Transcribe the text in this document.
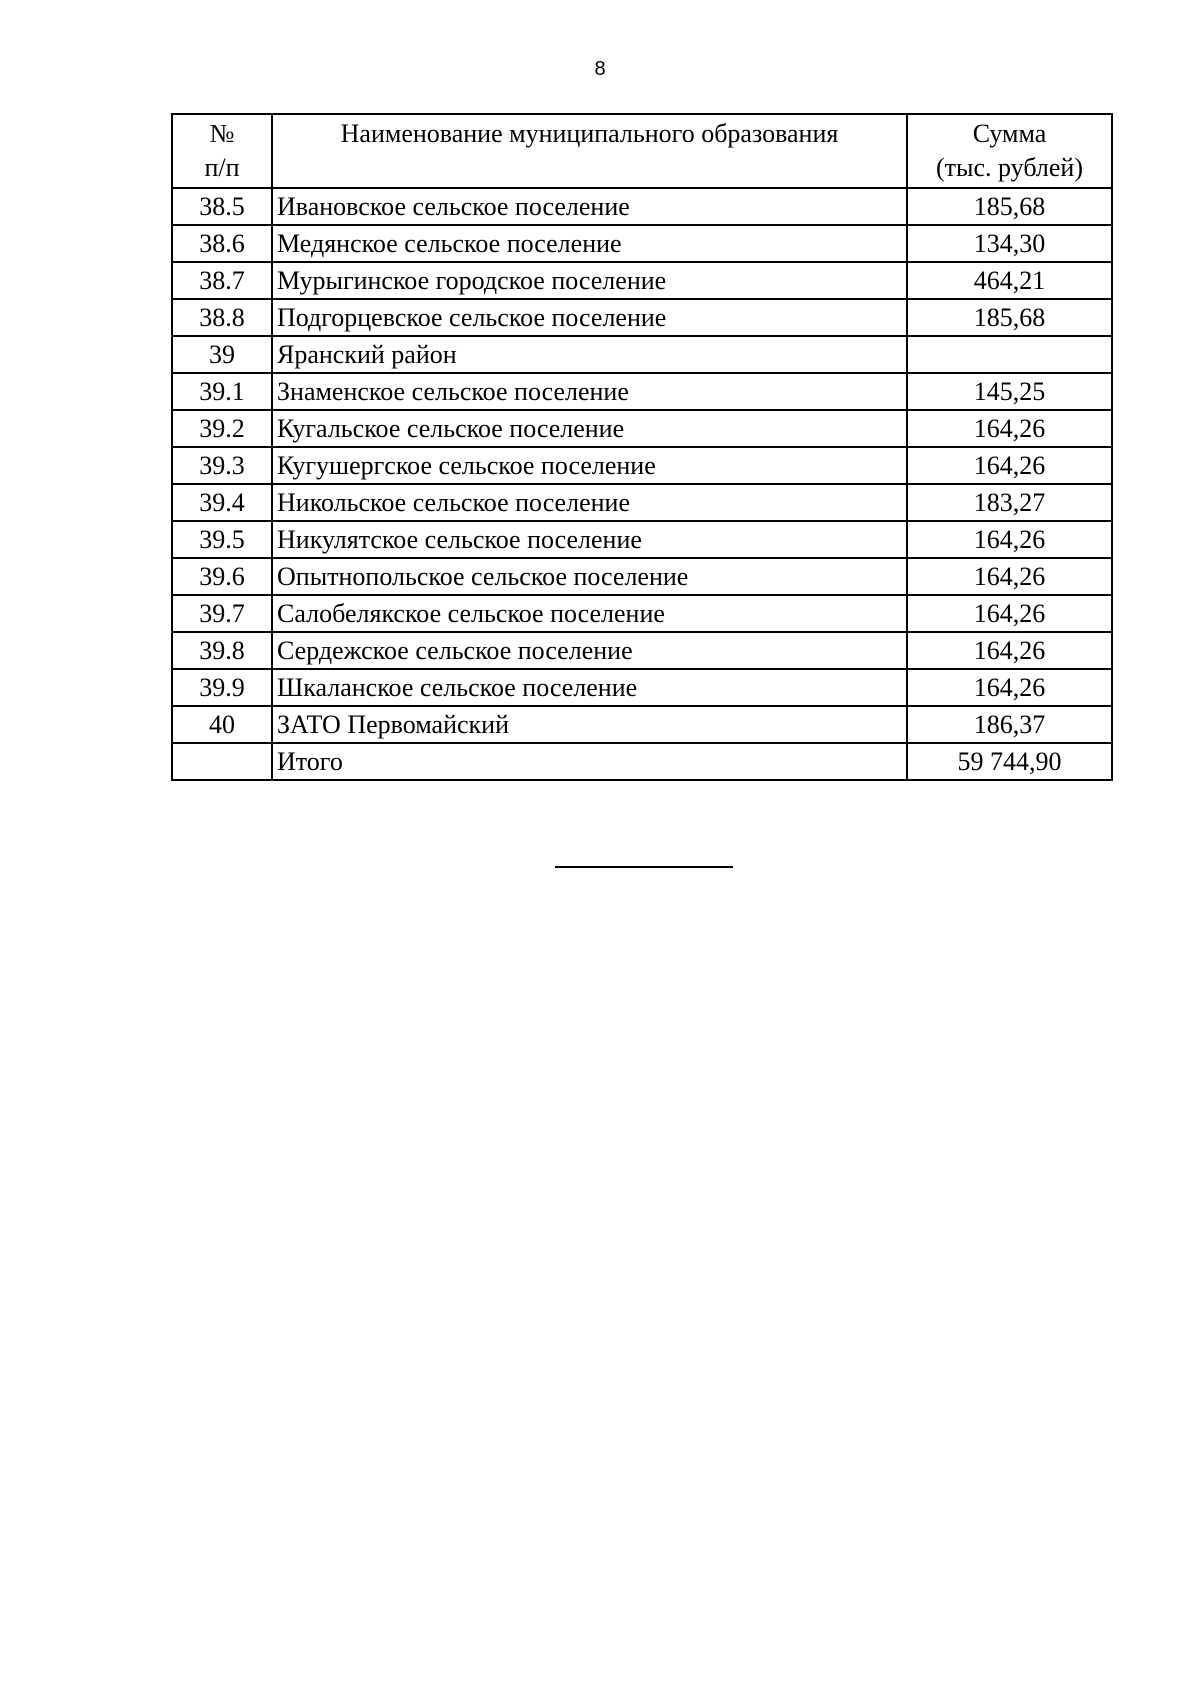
8
№
п/п	Наименование муниципального образования	Сумма
(тыс. рублей)

38.5	Ивановское сельское поселение	185,68
38.6	Медянское сельское поселение	134,30
38.7	Мурыгинское городское поселение	464,21
38.8	Подгорцевское сельское поселение	185,68
39	Яранский район	
39.1	Знаменское сельское поселение	145,25
39.2	Кугальское сельское поселение	164,26
39.3	Кугушергское сельское поселение	164,26
39.4	Никольское сельское поселение	183,27
39.5	Никулятское сельское поселение	164,26
39.6	Опытнопольское сельское поселение	164,26
39.7	Салобелякское сельское поселение	164,26
39.8	Сердежское сельское поселение	164,26
39.9	Шкаланское сельское поселение	164,26
40	ЗАТО Первомайский	186,37
	Итого	59 744,90
